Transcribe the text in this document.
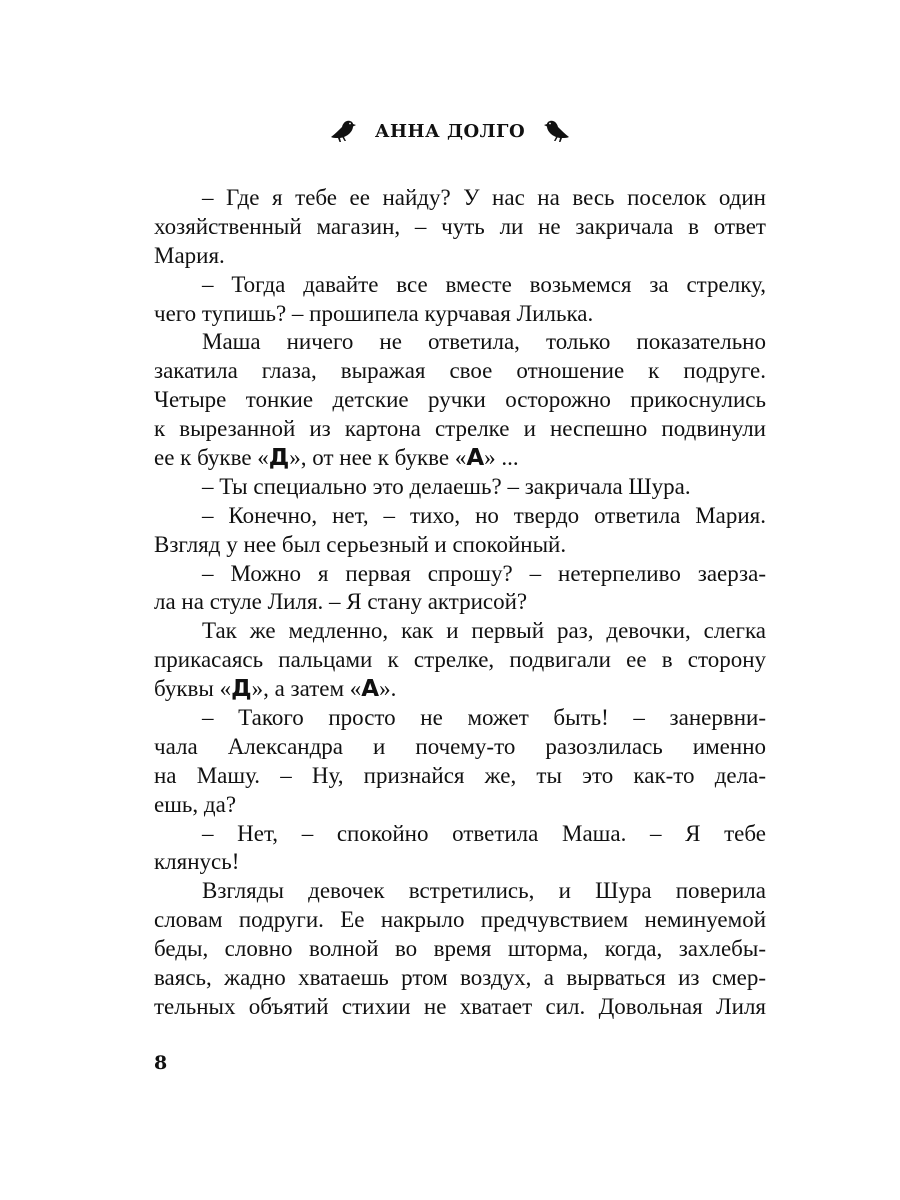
АННА ДОЛГО
– Где я тебе ее найду? У нас на весь поселок один
хозяйственный магазин, – чуть ли не закричала в ответ
Мария.
– Тогда давайте все вместе возьмемся за стрелку,
чего тупишь? – прошипела курчавая Лилька.
Маша ничего не ответила, только показательно
закатила глаза, выражая свое отношение к подруге.
Четыре тонкие детские ручки осторожно прикоснулись
к вырезанной из картона стрелке и неспешно подвинули
ее к букве «Д», от нее к букве «А» ...
– Ты специально это делаешь? – закричала Шура.
– Конечно, нет, – тихо, но твердо ответила Мария.
Взгляд у нее был серьезный и спокойный.
– Можно я первая спрошу? – нетерпеливо заерза-
ла на стуле Лиля. – Я стану актрисой?
Так же медленно, как и первый раз, девочки, слегка
прикасаясь пальцами к стрелке, подвигали ее в сторону
буквы «Д», а затем «А».
– Такого просто не может быть! – занервни-
чала Александра и почему-то разозлилась именно
на Машу. – Ну, признайся же, ты это как-то дела-
ешь, да?
– Нет, – спокойно ответила Маша. – Я тебе
клянусь!
Взгляды девочек встретились, и Шура поверила
словам подруги. Ее накрыло предчувствием неминуемой
беды, словно волной во время шторма, когда, захлебы-
ваясь, жадно хватаешь ртом воздух, а вырваться из смер-
тельных объятий стихии не хватает сил. Довольная Лиля
8
